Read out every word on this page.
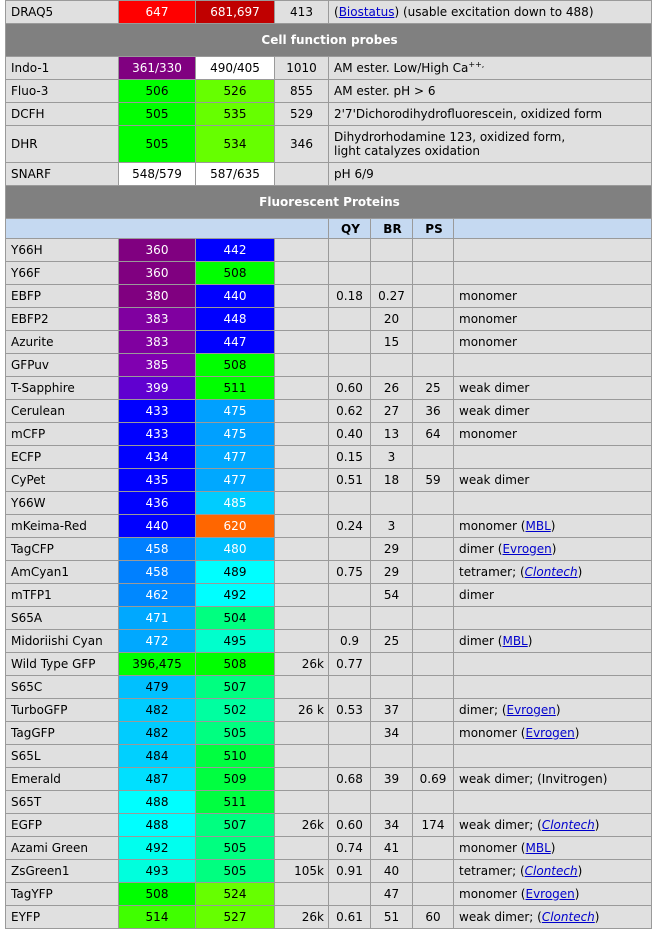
DRAQ5	647	681,697	413	(Biostatus) (usable excitation down to 488)			
Cell function probes							
Indo-1	361/330	490/405	1010	AM ester. Low/High Ca++,
Fluo-3	506	526	855	AM ester. pH > 6			
DCFH	505	535	529	2'7'Dichorodihydrofluorescein, oxidized form			
DHR	505	534	346	Dihydrorhodamine 123, oxidized form,
light catalyzes oxidation			

SNARF	548/579	587/635		pH 6/9			
Fluorescent Proteins							
				QY	BR	PS	
Y66H	360	442					
Y66F	360	508					
EBFP	380	440		0.18	0.27		monomer
EBFP2	383	448			20		monomer
Azurite	383	447			15		monomer
GFPuv	385	508					
T-Sapphire	399	511		0.60	26	25	weak dimer
Cerulean	433	475		0.62	27	36	weak dimer
mCFP	433	475		0.40	13	64	monomer
ECFP	434	477		0.15	3		
CyPet	435	477		0.51	18	59	weak dimer
Y66W	436	485					
mKeima-Red	440	620		0.24	3		monomer (MBL)
TagCFP	458	480			29		dimer (Evrogen)
AmCyan1	458	489		0.75	29		tetramer; (Clontech)
mTFP1	462	492			54		dimer
S65A	471	504					
Midoriishi Cyan	472	495		0.9	25		dimer (MBL)
Wild Type GFP	396,475	508	26k	0.77			
S65C	479	507					
TurboGFP	482	502	26 k	0.53	37		dimer; (Evrogen)
TagGFP	482	505			34		monomer (Evrogen)
S65L	484	510					
Emerald	487	509		0.68	39	0.69	weak dimer; (Invitrogen)
S65T	488	511					
EGFP	488	507	26k	0.60	34	174	weak dimer; (Clontech)
Azami Green	492	505		0.74	41		monomer (MBL)
ZsGreen1	493	505	105k	0.91	40		tetramer; (Clontech)
TagYFP	508	524			47		monomer (Evrogen)
EYFP	514	527	26k	0.61	51	60	weak dimer; (Clontech)
